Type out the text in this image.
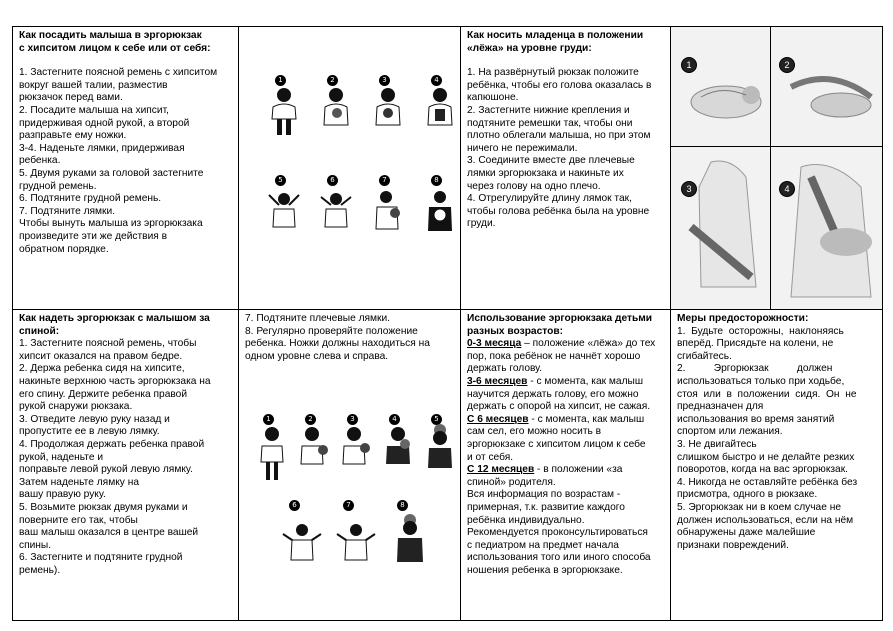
Как посадить малыша в эргорюкзак

с хипситом лицом к себе или от себя:

1. Застегните поясной ремень с хипситом

вокруг вашей талии, разместив

рюкзачок перед вами.

2. Посадите малыша на хипсит,

придерживая одной рукой, а второй

разправьте ему ножки.

3-4. Наденьте лямки, придерживая

ребенка.

5. Двумя руками за головой застегните

грудной ремень.

6. Подтяните грудной ремень.

7. Подтяните лямки.

Чтобы вынуть малыша из эргорюкзака

произведите эти же действия в

обратном порядке.

1	2	3	4
5	6	7	8

Как носить младенца в положении

«лёжа» на уровне груди:

1. На развёрнутый рюкзак положите

ребёнка, чтобы его голова оказалась в

капюшоне.

2. Застегните нижние крепления и

подтяните ремешки так, чтобы они

плотно облегали малыша, но при этом

ничего не пережимали.

3. Соедините вместе две плечевые

лямки эргорюкзака и накиньте их

через голову на одно плечо.

4. Отрегулируйте длину лямок так,

чтобы голова ребёнка была на уровне

груди.

1	2
3	4

Как надеть эргорюкзак с малышом за

спиной:

1. Застегните поясной ремень, чтобы

хипсит оказался на правом бедре.

2. Держа ребенка сидя на хипсите,

накиньте верхнюю часть эргорюкзака на

его спину. Держите ребенка правой

рукой снаружи рюкзака.

3. Отведите левую руку назад и

пропустите ее в левую лямку.

4. Продолжая держать ребенка правой

рукой, наденьте и

поправьте левой рукой левую лямку.

Затем наденьте лямку на

вашу правую руку.

5. Возьмите рюкзак двумя руками и

поверните его так, чтобы

ваш малыш оказался в центре вашей

спины.

6. Застегните и подтяните грудной

ремень).

7. Подтяните плечевые лямки.

8. Регулярно проверяйте положение

ребенка. Ножки должны находиться на

одном уровне слева и справа.

1	2	3	4	5
6	7	8

Использование эргорюкзака детьми

разных возрастов:

0-3 месяца – положение «лёжа» до тех

пор, пока ребёнок не начнёт хорошо

держать голову.

3-6 месяцев - с момента, как малыш

научится держать голову, его можно

держать с опорой на хипсит, не сажая.

С 6 месяцев - с момента, как малыш

сам сел, его можно носить в

эргорюкзаке с хипситом лицом к себе

и от себя.

С 12 месяцев - в положении «за

спиной» родителя.

Вся информация по возрастам -

примерная, т.к. развитие каждого

ребёнка индивидуально.

Рекомендуется проконсультироваться

с педиатром на предмет начала

использования того или иного способа

ношения ребенка в эргорюкзаке.

Меры предосторожности:

1.  Будьте  осторожны,  наклоняясь

вперёд. Присядьте на колени, не

сгибайтесь.

2.          Эргорюкзак          должен

использоваться только при ходьбе,

стоя  или  в  положении  сидя.  Он  не

предназначен для

использования во время занятий

спортом или лежания.

3. Не двигайтесь

слишком быстро и не делайте резких

поворотов, когда на вас эргорюкзак.

4. Никогда не оставляйте ребёнка без

присмотра, одного в рюкзаке.

5. Эргорюкзак ни в коем случае не

должен использоваться, если на нём

обнаружены даже малейшие

признаки повреждений.
